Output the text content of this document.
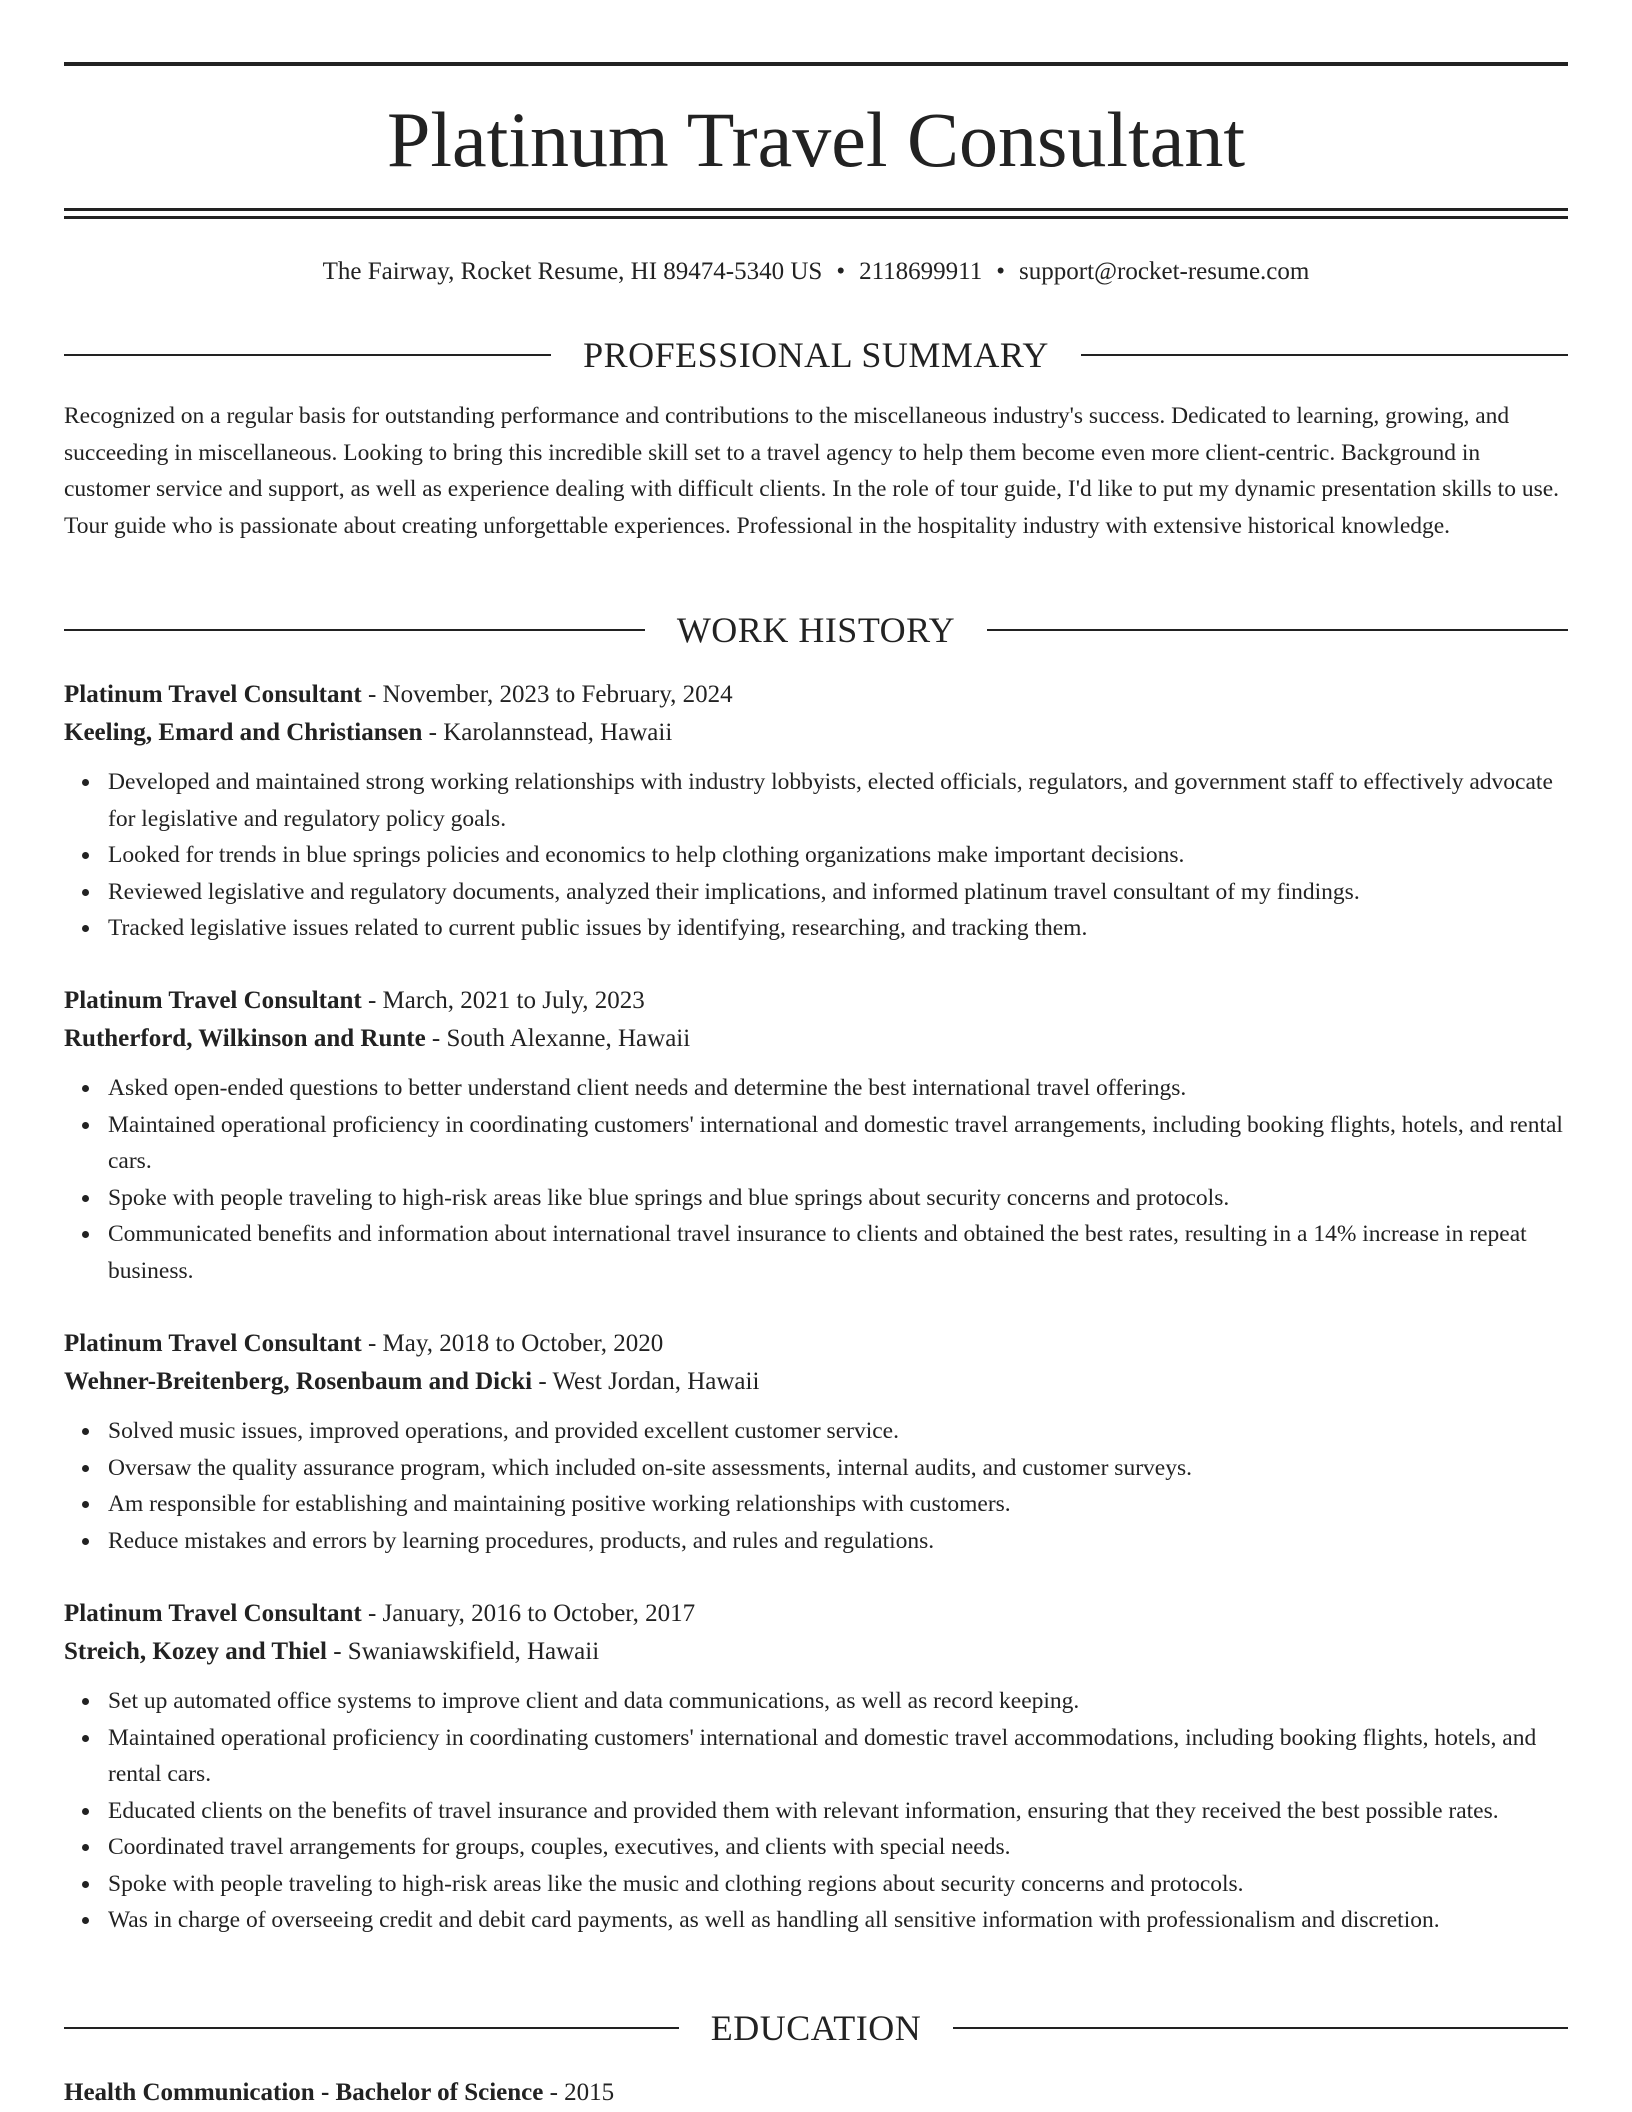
Platinum Travel Consultant
The Fairway, Rocket Resume, HI 89474-5340 US • 2118699911 • support@rocket-resume.com
PROFESSIONAL SUMMARY

Recognized on a regular basis for outstanding performance and contributions to the miscellaneous industry's success. Dedicated to learning, growing, and succeeding in miscellaneous. Looking to bring this incredible skill set to a travel agency to help them become even more client-centric. Background in customer service and support, as well as experience dealing with difficult clients. In the role of tour guide, I'd like to put my dynamic presentation skills to use. Tour guide who is passionate about creating unforgettable experiences. Professional in the hospitality industry with extensive historical knowledge.

WORK HISTORY
Platinum Travel Consultant - November, 2023 to February, 2024
Keeling, Emard and Christiansen - Karolannstead, Hawaii
Developed and maintained strong working relationships with industry lobbyists, elected officials, regulators, and government staff to effectively advocate for legislative and regulatory policy goals.
Looked for trends in blue springs policies and economics to help clothing organizations make important decisions.
Reviewed legislative and regulatory documents, analyzed their implications, and informed platinum travel consultant of my findings.
Tracked legislative issues related to current public issues by identifying, researching, and tracking them.
Platinum Travel Consultant - March, 2021 to July, 2023
Rutherford, Wilkinson and Runte - South Alexanne, Hawaii
Asked open-ended questions to better understand client needs and determine the best international travel offerings.
Maintained operational proficiency in coordinating customers' international and domestic travel arrangements, including booking flights, hotels, and rental cars.
Spoke with people traveling to high-risk areas like blue springs and blue springs about security concerns and protocols.
Communicated benefits and information about international travel insurance to clients and obtained the best rates, resulting in a 14% increase in repeat business.
Platinum Travel Consultant - May, 2018 to October, 2020
Wehner-Breitenberg, Rosenbaum and Dicki - West Jordan, Hawaii
Solved music issues, improved operations, and provided excellent customer service.
Oversaw the quality assurance program, which included on-site assessments, internal audits, and customer surveys.
Am responsible for establishing and maintaining positive working relationships with customers.
Reduce mistakes and errors by learning procedures, products, and rules and regulations.
Platinum Travel Consultant - January, 2016 to October, 2017
Streich, Kozey and Thiel - Swaniawskifield, Hawaii
Set up automated office systems to improve client and data communications, as well as record keeping.
Maintained operational proficiency in coordinating customers' international and domestic travel accommodations, including booking flights, hotels, and rental cars.
Educated clients on the benefits of travel insurance and provided them with relevant information, ensuring that they received the best possible rates.
Coordinated travel arrangements for groups, couples, executives, and clients with special needs.
Spoke with people traveling to high-risk areas like the music and clothing regions about security concerns and protocols.
Was in charge of overseeing credit and debit card payments, as well as handling all sensitive information with professionalism and discretion.
EDUCATION
Health Communication - Bachelor of Science - 2015
